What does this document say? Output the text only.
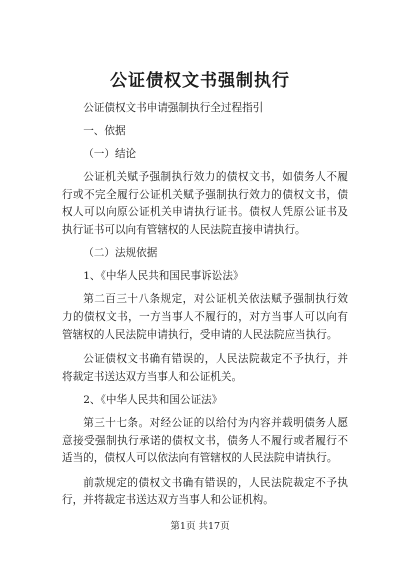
公证债权文书强制执行

公证债权文书申请强制执行全过程指引

一、依据

（一）结论

公证机关赋予强制执行效力的债权文书，如债务人不履行或不完全履行公证机关赋予强制执行效力的债权文书，债权人可以向原公证机关申请执行证书。债权人凭原公证书及执行证书可以向有管辖权的人民法院直接申请执行。

（二）法规依据

1、《中华人民共和国民事诉讼法》

第二百三十八条规定，对公证机关依法赋予强制执行效力的债权文书，一方当事人不履行的，对方当事人可以向有管辖权的人民法院申请执行，受申请的人民法院应当执行。

公证债权文书确有错误的，人民法院裁定不予执行，并将裁定书送达双方当事人和公证机关。

2、《中华人民共和国公证法》

第三十七条。对经公证的以给付为内容并载明债务人愿意接受强制执行承诺的债权文书，债务人不履行或者履行不适当的，债权人可以依法向有管辖权的人民法院申请执行。

前款规定的债权文书确有错误的，人民法院裁定不予执行，并将裁定书送达双方当事人和公证机构。

第1页 共17页
